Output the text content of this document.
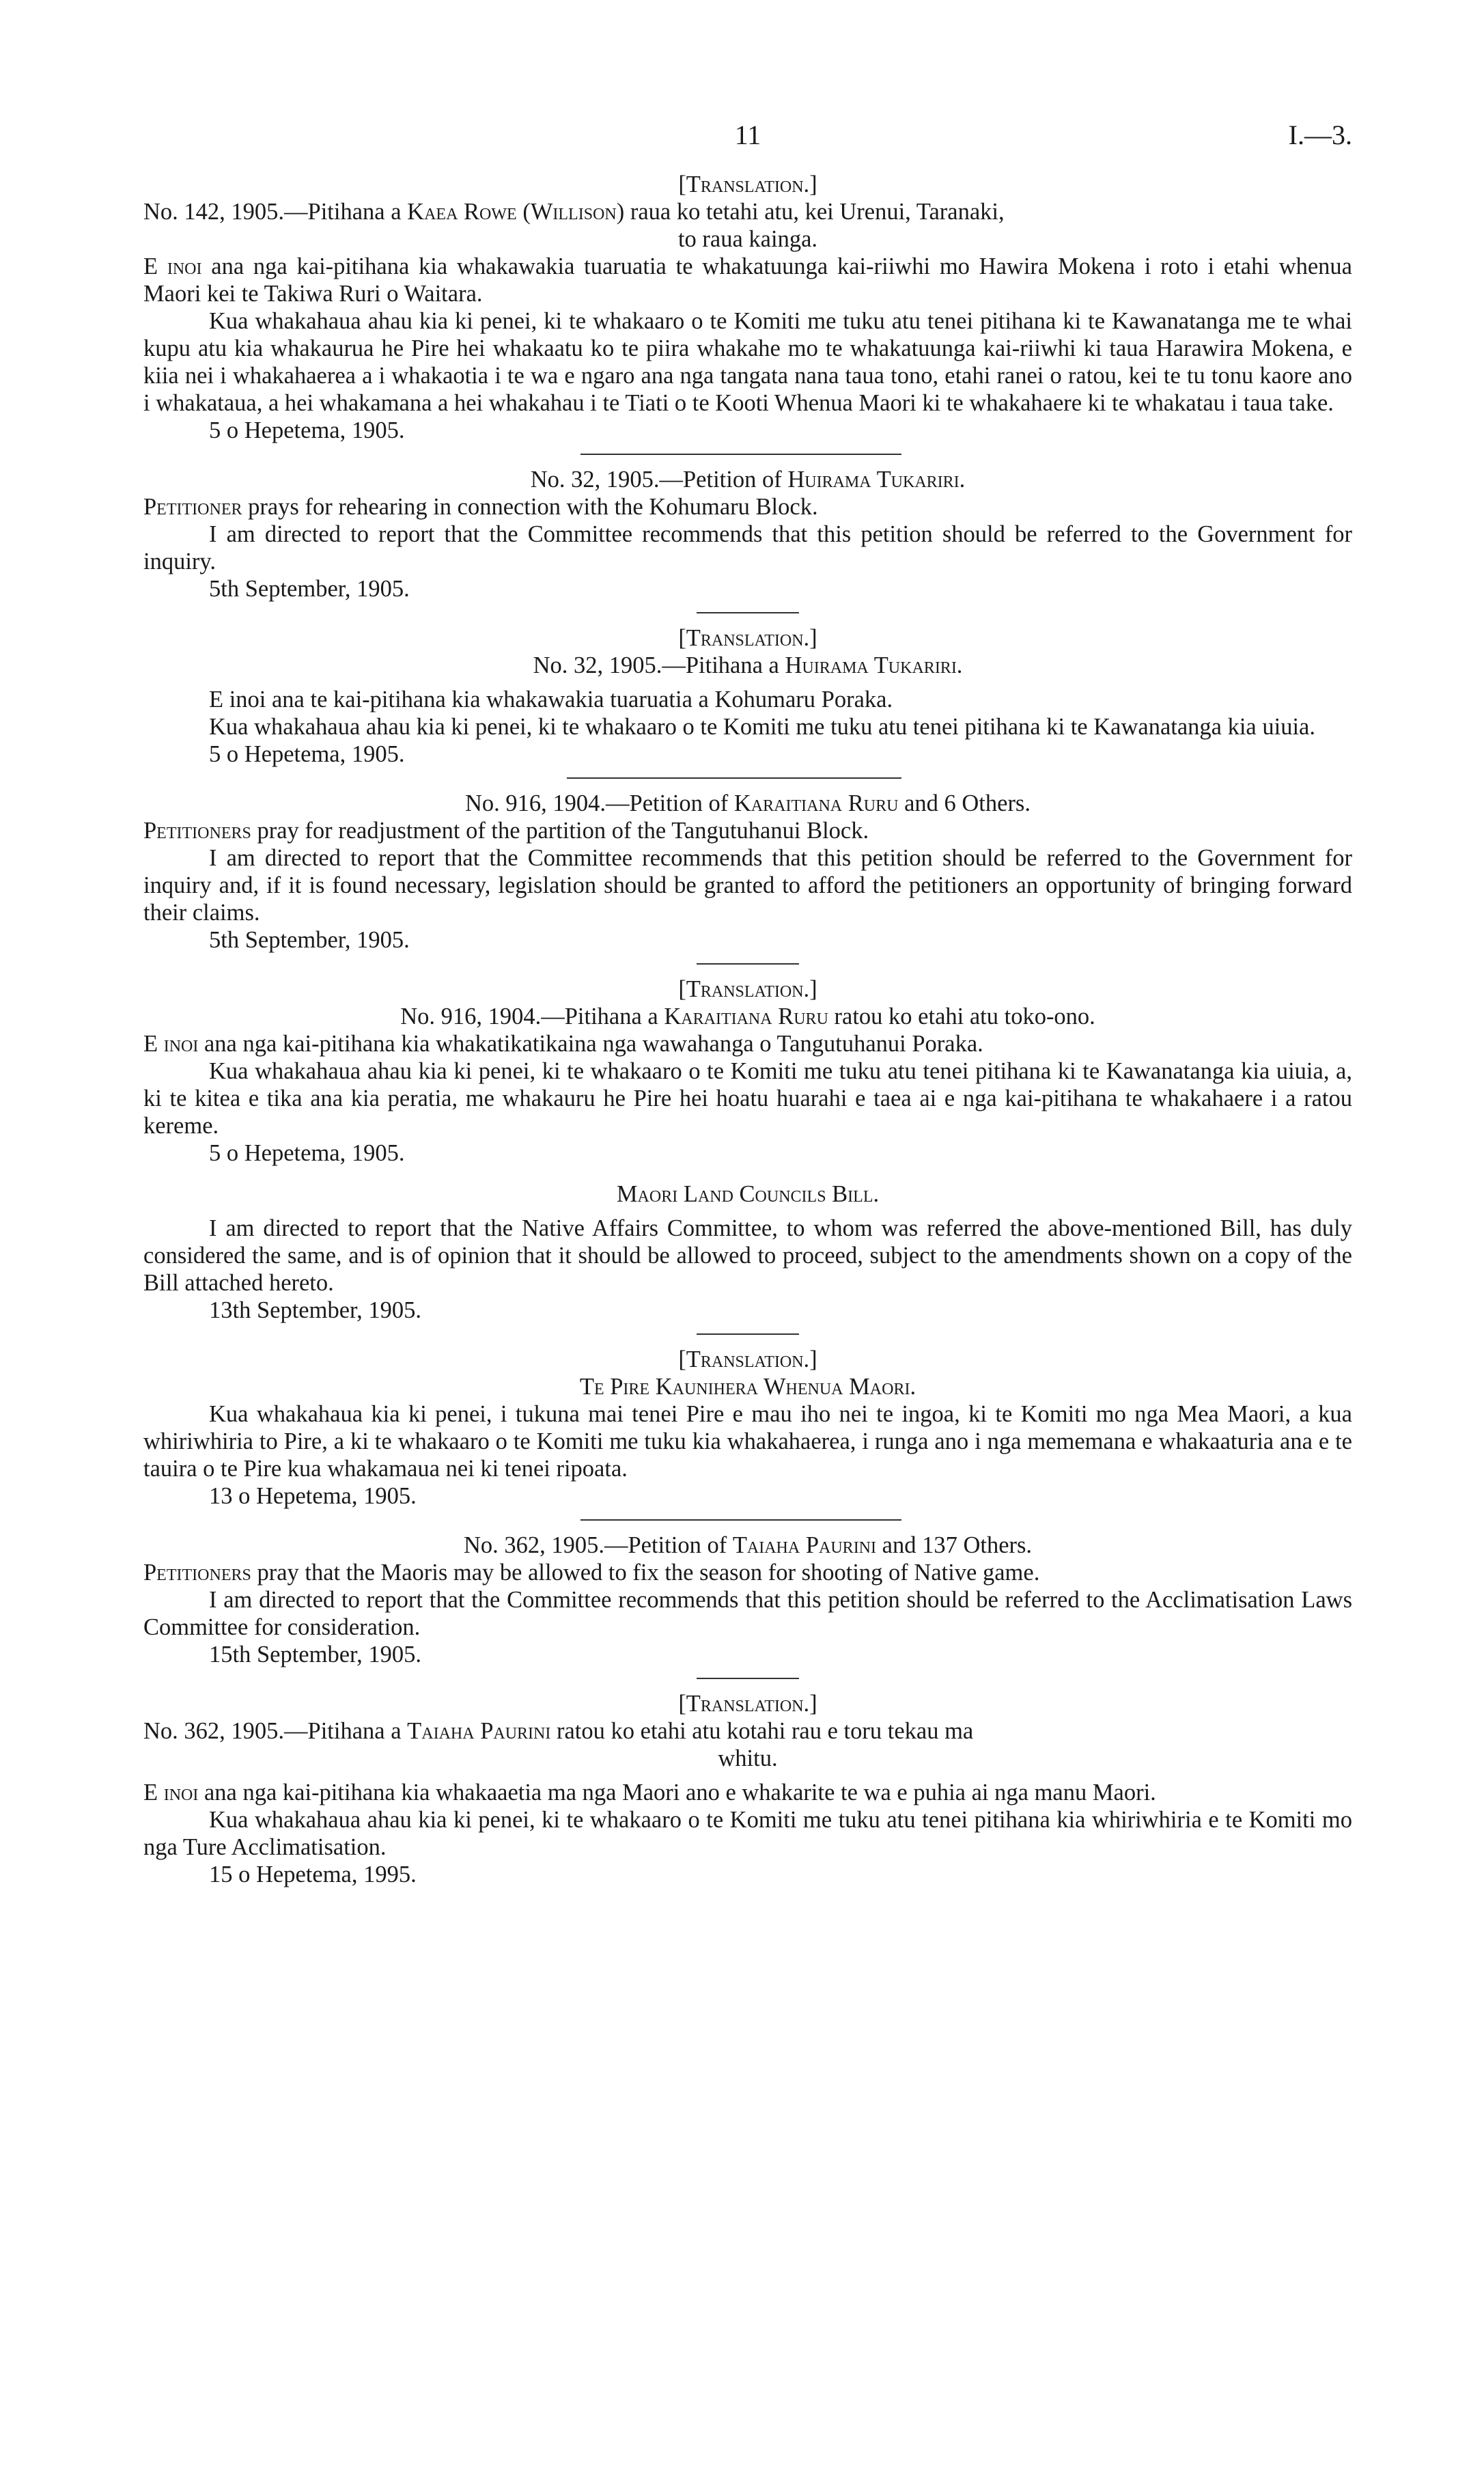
11	I.—3.

[Translation.]

No. 142, 1905.—Pitihana a Kaea Rowe (Willison) raua ko tetahi atu, kei Urenui, Taranaki,

to raua kainga.

E inoi ana nga kai-pitihana kia whakawakia tuaruatia te whakatuunga kai-riiwhi mo Hawira Mokena i roto i etahi whenua Maori kei te Takiwa Ruri o Waitara.

Kua whakahaua ahau kia ki penei, ki te whakaaro o te Komiti me tuku atu tenei pitihana ki te Kawanatanga me te whai kupu atu kia whakaurua he Pire hei whakaatu ko te piira whakahe mo te whakatuunga kai-riiwhi ki taua Harawira Mokena, e kiia nei i whakahaerea a i whakaotia i te wa e ngaro ana nga tangata nana taua tono, etahi ranei o ratou, kei te tu tonu kaore ano i whakataua, a hei whakamana a hei whakahau i te Tiati o te Kooti Whenua Maori ki te whakahaere ki te whakatau i taua take.

5 o Hepetema, 1905.

No. 32, 1905.—Petition of Huirama Tukariri.

Petitioner prays for rehearing in connection with the Kohumaru Block.

I am directed to report that the Committee recommends that this petition should be referred to the Government for inquiry.

5th September, 1905.

[Translation.]

No. 32, 1905.—Pitihana a Huirama Tukariri.

E inoi ana te kai-pitihana kia whakawakia tuaruatia a Kohumaru Poraka.

Kua whakahaua ahau kia ki penei, ki te whakaaro o te Komiti me tuku atu tenei pitihana ki te Kawanatanga kia uiuia.

5 o Hepetema, 1905.

No. 916, 1904.—Petition of Karaitiana Ruru and 6 Others.

Petitioners pray for readjustment of the partition of the Tangutuhanui Block.

I am directed to report that the Committee recommends that this petition should be referred to the Government for inquiry and, if it is found necessary, legislation should be granted to afford the petitioners an opportunity of bringing forward their claims.

5th September, 1905.

[Translation.]

No. 916, 1904.—Pitihana a Karaitiana Ruru ratou ko etahi atu toko-ono.

E inoi ana nga kai-pitihana kia whakatikatikaina nga wawahanga o Tangutuhanui Poraka.

Kua whakahaua ahau kia ki penei, ki te whakaaro o te Komiti me tuku atu tenei pitihana ki te Kawanatanga kia uiuia, a, ki te kitea e tika ana kia peratia, me whakauru he Pire hei hoatu huarahi e taea ai e nga kai-pitihana te whakahaere i a ratou kereme.

5 o Hepetema, 1905.

Maori Land Councils Bill.

I am directed to report that the Native Affairs Committee, to whom was referred the above-mentioned Bill, has duly considered the same, and is of opinion that it should be allowed to proceed, subject to the amendments shown on a copy of the Bill attached hereto.

13th September, 1905.

[Translation.]

Te Pire Kaunihera Whenua Maori.

Kua whakahaua kia ki penei, i tukuna mai tenei Pire e mau iho nei te ingoa, ki te Komiti mo nga Mea Maori, a kua whiriwhiria to Pire, a ki te whakaaro o te Komiti me tuku kia whakahaerea, i runga ano i nga mememana e whakaaturia ana e te tauira o te Pire kua whakamaua nei ki tenei ripoata.

13 o Hepetema, 1905.

No. 362, 1905.—Petition of Taiaha Paurini and 137 Others.

Petitioners pray that the Maoris may be allowed to fix the season for shooting of Native game.

I am directed to report that the Committee recommends that this petition should be referred to the Acclimatisation Laws Committee for consideration.

15th September, 1905.

[Translation.]

No. 362, 1905.—Pitihana a Taiaha Paurini ratou ko etahi atu kotahi rau e toru tekau ma

whitu.

E inoi ana nga kai-pitihana kia whakaaetia ma nga Maori ano e whakarite te wa e puhia ai nga manu Maori.

Kua whakahaua ahau kia ki penei, ki te whakaaro o te Komiti me tuku atu tenei pitihana kia whiriwhiria e te Komiti mo nga Ture Acclimatisation.

15 o Hepetema, 1995.
